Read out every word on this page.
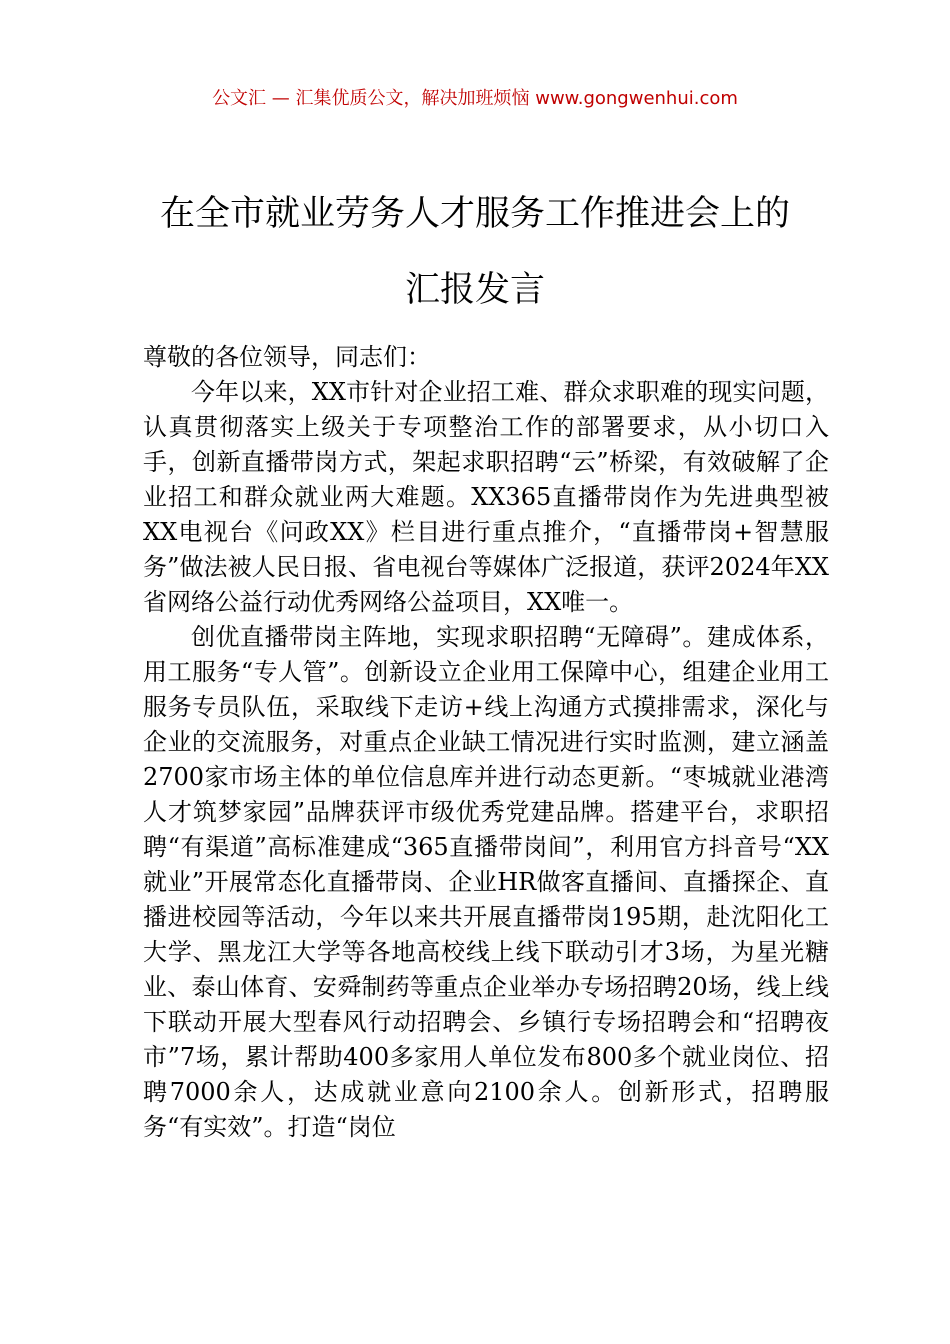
公文汇 — 汇集优质公文，解决加班烦恼 www.gongwenhui.com
在全市就业劳务人才服务工作推进会上的
汇报发言

尊敬的各位领导，同志们：

今年以来，XX市针对企业招工难、群众求职难的现实问题，认真贯彻落实上级关于专项整治工作的部署要求，从小切口入手，创新直播带岗方式，架起求职招聘“云”桥梁，有效破解了企业招工和群众就业两大难题。XX365直播带岗作为先进典型被XX电视台《问政XX》栏目进行重点推介，“直播带岗+智慧服务”做法被人民日报、省电视台等媒体广泛报道，获评2024年XX省网络公益行动优秀网络公益项目，XX唯一。

创优直播带岗主阵地，实现求职招聘“无障碍”。建成体系，用工服务“专人管”。创新设立企业用工保障中心，组建企业用工服务专员队伍，采取线下走访+线上沟通方式摸排需求，深化与企业的交流服务，对重点企业缺工情况进行实时监测，建立涵盖2700家市场主体的单位信息库并进行动态更新。“枣城就业港湾 人才筑梦家园”品牌获评市级优秀党建品牌。搭建平台，求职招聘“有渠道”高标准建成“365直播带岗间”，利用官方抖音号“XX就业”开展常态化直播带岗、企业HR做客直播间、直播探企、直播进校园等活动，今年以来共开展直播带岗195期，赴沈阳化工大学、黑龙江大学等各地高校线上线下联动引才3场，为星光糖业、泰山体育、安舜制药等重点企业举办专场招聘20场，线上线下联动开展大型春风行动招聘会、乡镇行专场招聘会和“招聘夜市”7场，累计帮助400多家用人单位发布800多个就业岗位、招聘7000余人，达成就业意向2100余人。创新形式，招聘服务“有实效”。打造“岗位
